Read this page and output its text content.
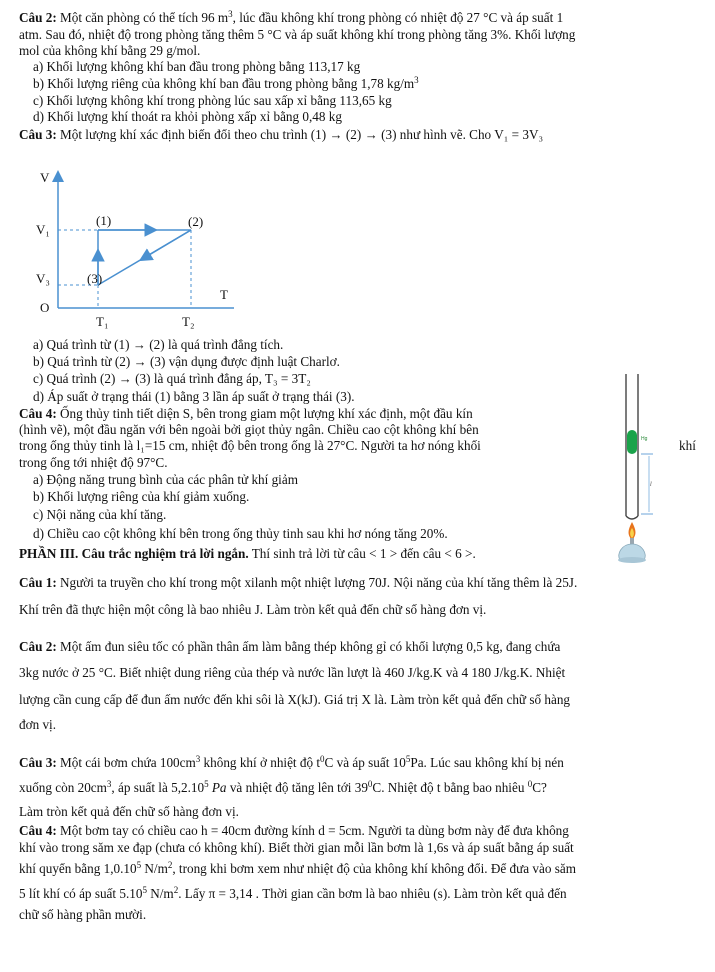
Câu 2: Một căn phòng có thể tích 96 $m^3$, lúc đầu không khí trong phòng có nhiệt độ 27 °C và áp suất 1
atm. Sau đó, nhiệt độ trong phòng tăng thêm 5 °C và áp suất không khí trong phòng tăng 3%. Khối lượng
mol của không khí bằng 29 g/mol.
a) Khối lượng không khí ban đầu trong phòng bằng 113,17 kg
b) Khối lượng riêng của không khí ban đầu trong phòng bằng 1,78 $kg/m^3$
c) Khối lượng không khí trong phòng lúc sau xấp xỉ bằng 113,65 kg
d) Khối lượng khí thoát ra khỏi phòng xấp xỉ bằng 0,48 kg
Câu 3: Một lượng khí xác định biến đổi theo chu trình (1) → (2) → (3) như hình vẽ. Cho V₁ = 3V₃
V
T
O
V₁
V₃
T₁	T₂
(1)	(2)
(3)
a) Quá trình từ (1) → (2) là quá trình đẳng tích.
b) Quá trình từ (2) → (3) vận dụng được định luật Charlơ.
c) Quá trình (2) → (3) là quá trình đẳng áp, T₃ = 3T₂
d) Áp suất ở trạng thái (1) bằng 3 lần áp suất ở trạng thái (3).
Câu 4: Ống thủy tinh tiết diện S, bên trong giam một lượng khí xác định, một đầu kín
(hình vẽ), một đầu ngăn với bên ngoài bởi giọt thủy ngân. Chiều cao cột không khí bên
trong ống thủy tinh là l₁=15 cm, nhiệt độ bên trong ống là 27°C. Người ta hơ nóng khối	khí
trong ống tới nhiệt độ 97°C.
a) Động năng trung bình của các phân tử khí giảm
b) Khối lượng riêng của khí giảm xuống.
c) Nội năng của khí tăng.
d) Chiều cao cột không khí bên trong ống thủy tinh sau khi hơ nóng tăng 20%.
Hg
l
PHẦN III. Câu trắc nghiệm trả lời ngắn. Thí sinh trả lời từ câu < 1 > đến câu < 6 >.
Câu 1: Người ta truyền cho khí trong một xilanh một nhiệt lượng 70J. Nội năng của khí tăng thêm là 25J.
Khí trên đã thực hiện một công là bao nhiêu J. Làm tròn kết quả đến chữ số hàng đơn vị.
Câu 2: Một ấm đun siêu tốc có phần thân ấm làm bằng thép không gỉ có khối lượng 0,5 kg, đang chứa
3kg nước ở 25 °C. Biết nhiệt dung riêng của thép và nước lần lượt là 460 J/kg.K và 4 180 J/kg.K. Nhiệt
lượng cần cung cấp để đun ấm nước đến khi sôi là X(kJ). Giá trị X là. Làm tròn kết quả đến chữ số hàng
đơn vị.
Câu 3: Một cái bơm chứa $100cm^3$ không khí ở nhiệt độ $t^0C$ và áp suất $10^5Pa$. Lúc sau không khí bị nén
xuống còn $20cm^3$, áp suất là 5,2.10$^5$ Pa và nhiệt độ tăng lên tới $39^0C$. Nhiệt độ t bằng bao nhiêu $^0$C?
Làm tròn kết quả đến chữ số hàng đơn vị.
Câu 4: Một bơm tay có chiều cao h = 40cm đường kính d = 5cm. Người ta dùng bơm này để đưa không
khí vào trong săm xe đạp (chưa có không khí). Biết thời gian mỗi lần bơm là 1,6s và áp suất bằng áp suất
khí quyển bằng 1,0.10$^5$ $N/m^2$, trong khi bơm xem như nhiệt độ của không khí không đổi. Để đưa vào săm
5 lít khí có áp suất 5.10$^5$ $N/m^2$. Lấy π = 3,14 . Thời gian cần bơm là bao nhiêu (s). Làm tròn kết quả đến
chữ số hàng phần mười.
